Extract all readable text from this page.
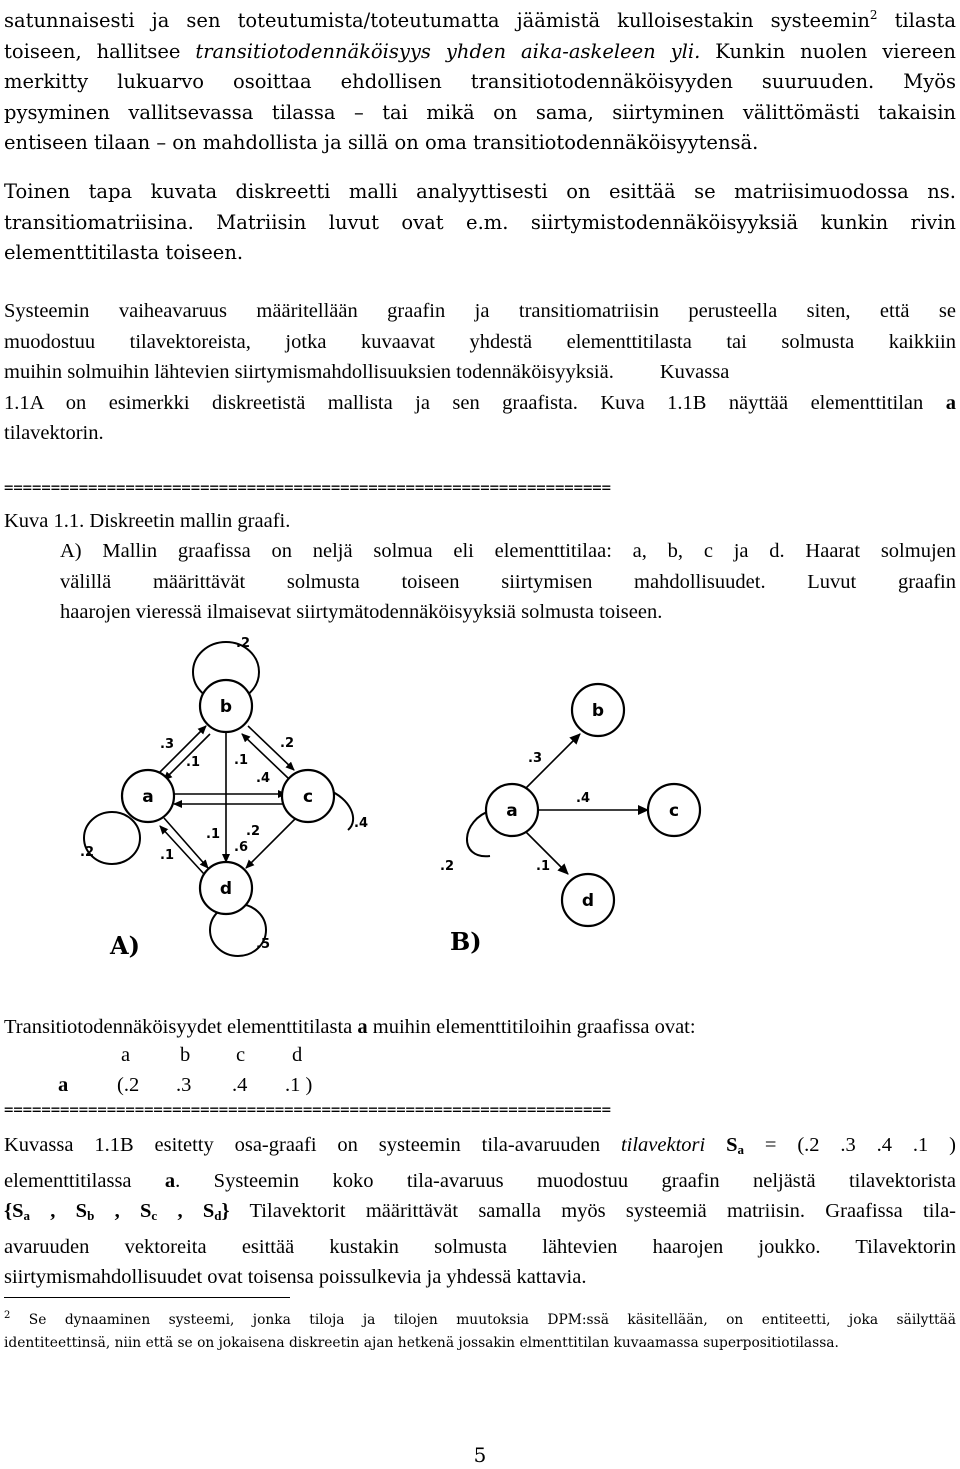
satunnaisesti ja sen toteutumista/toteutumatta jäämistä kulloisestakin systeemin$^2$ tilasta
toiseen, hallitsee transitiotodennäköisyys yhden aika-askeleen yli. Kunkin nuolen viereen
merkitty lukuarvo osoittaa ehdollisen transitiotodennäköisyyden suuruuden. Myös
pysyminen vallitsevassa tilassa – tai mikä on sama, siirtyminen välittömästi takaisin
entiseen tilaan – on mahdollista ja sillä on oma transitiotodennäköisyytensä.
Toinen tapa kuvata diskreetti malli analyyttisesti on esittää se matriisimuodossa ns.
transitiomatriisina. Matriisin luvut ovat e.m. siirtymistodennäköisyyksiä kunkin rivin
elementtitilasta toiseen.
Systeemin vaiheavaruus määritellään graafin ja transitiomatriisin perusteella siten, että se
muodostuu tilavektoreista, jotka kuvaavat yhdestä elementtitilasta tai solmusta kaikkiin
muihin solmuihin lähtevien siirtymismahdollisuuksien todennäköisyyksiä. Kuvassa
1.1A on esimerkki diskreetistä mallista ja sen graafista. Kuva 1.1B näyttää elementtitilan a
tilavektorin.
=================================================================
Kuva 1.1. Diskreetin mallin graafi.
A) Mallin graafissa on neljä solmua eli elementtitilaa: a, b, c ja d. Haarat solmujen
välillä määrittävät solmusta toiseen siirtymisen mahdollisuudet. Luvut graafin
haarojen vieressä ilmaisevat siirtymätodennäköisyyksiä solmusta toiseen.
b
a	c
d
.2
.3
.1
.2
.4
.2
.1
.1
.1
.6
.4
.2
.5
A)
a
b
c
d
.3
.4
.1
.2
B)
Transitiotodennäköisyydet elementtitilasta a muihin elementtitiloihin graafissa ovat:
a b c d
a (.2 .3 .4 .1 )
=================================================================
Kuvassa 1.1B esitetty osa-graafi on systeemin tila-avaruuden tilavektori $S_a = (.2$ .3 .4 .1 )
elementtitilassa a. Systeemin koko tila-avaruus muodostuu graafin neljästä tilavektorista
{$S_a$ , $S_b$ , $S_c$ , $S_d$} Tilavektorit määrittävät samalla myös systeemiä matriisin. Graafissa tila-
avaruuden vektoreita esittää kustakin solmusta lähtevien haarojen joukko. Tilavektorin
siirtymismahdollisuudet ovat toisensa poissulkevia ja yhdessä kattavia.
$^2$ Se dynaaminen systeemi, jonka tiloja ja tilojen muutoksia DPM:ssä käsitellään, on entiteetti, joka säilyttää
identiteettinsä, niin että se on jokaisena diskreetin ajan hetkenä jossakin elmenttitilan kuvaamassa superpositiotilassa.
5
